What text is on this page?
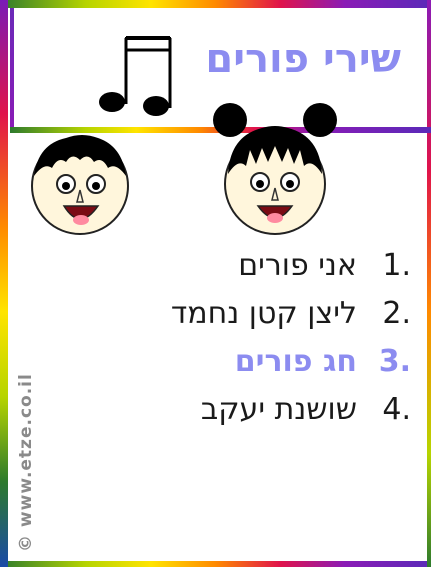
שירי פורים
1.
אני פורים
2.
ליצן קטן נחמד
3.
חג פורים
4.
שושנת יעקב
© www.etze.co.il
